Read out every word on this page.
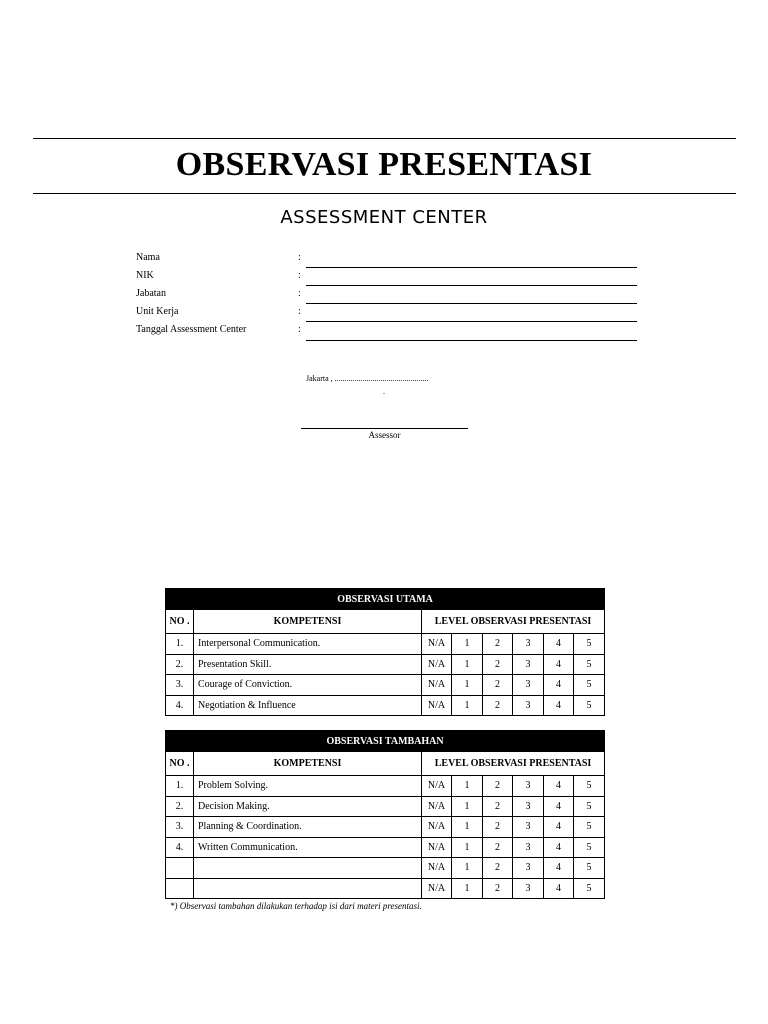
OBSERVASI PRESENTASI
ASSESSMENT CENTER
Nama	:
NIK	:
Jabatan	:
Unit Kerja	:
Tanggal Assessment Center	:
Jakarta , ...............................................
.
Assessor
OBSERVASI UTAMA							
NO .	KOMPETENSI	LEVEL OBSERVASI PRESENTASI					
1.	Interpersonal Communication.	N/A	1	2	3	4	5
2.	Presentation Skill.	N/A	1	2	3	4	5
3.	Courage of Conviction.	N/A	1	2	3	4	5
4.	Negotiation & Influence	N/A	1	2	3	4	5
OBSERVASI TAMBAHAN							
NO .	KOMPETENSI	LEVEL OBSERVASI PRESENTASI					
1.	Problem Solving.	N/A	1	2	3	4	5
2.	Decision Making.	N/A	1	2	3	4	5
3.	Planning & Coordination.	N/A	1	2	3	4	5
4.	Written Communication.	N/A	1	2	3	4	5
		N/A	1	2	3	4	5
		N/A	1	2	3	4	5
*) Observasi tambahan dilakukan terhadap isi dari materi presentasi.
